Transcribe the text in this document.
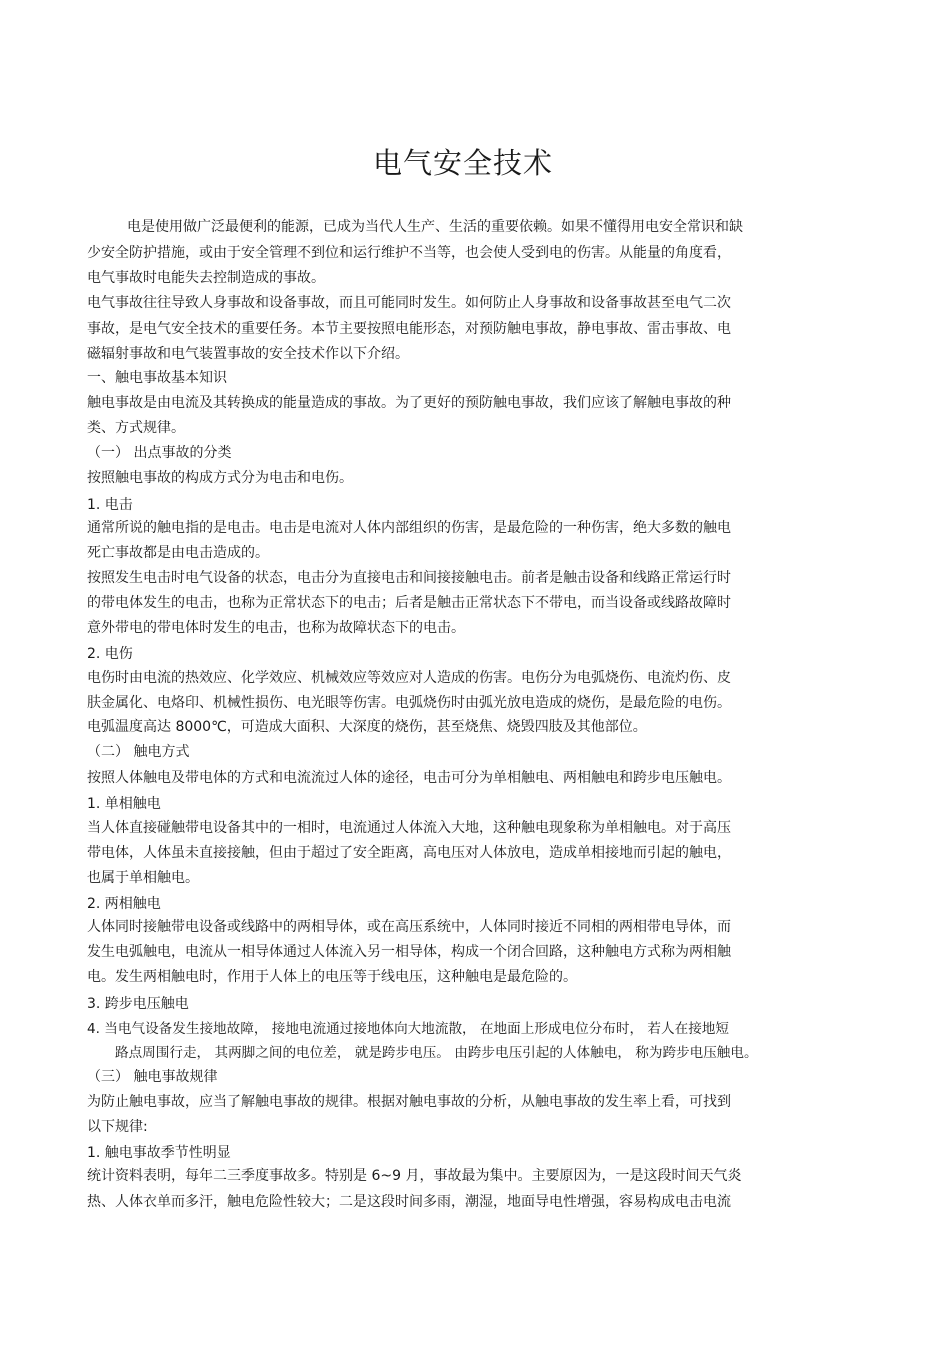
电气安全技术
电是使用做广泛最便利的能源，已成为当代人生产、生活的重要依赖。如果不懂得用电安全常识和缺
少安全防护措施，或由于安全管理不到位和运行维护不当等，也会使人受到电的伤害。从能量的角度看，
电气事故时电能失去控制造成的事故。
电气事故往往导致人身事故和设备事故，而且可能同时发生。如何防止人身事故和设备事故甚至电气二次
事故，是电气安全技术的重要任务。本节主要按照电能形态，对预防触电事故，静电事故、雷击事故、电
磁辐射事故和电气装置事故的安全技术作以下介绍。
一、触电事故基本知识
触电事故是由电流及其转换成的能量造成的事故。为了更好的预防触电事故，我们应该了解触电事故的种
类、方式规律。
（一） 出点事故的分类
按照触电事故的构成方式分为电击和电伤。
1. 电击
通常所说的触电指的是电击。电击是电流对人体内部组织的伤害，是最危险的一种伤害，绝大多数的触电
死亡事故都是由电击造成的。
按照发生电击时电气设备的状态，电击分为直接电击和间接接触电击。前者是触击设备和线路正常运行时
的带电体发生的电击，也称为正常状态下的电击；后者是触击正常状态下不带电，而当设备或线路故障时
意外带电的带电体时发生的电击，也称为故障状态下的电击。
2. 电伤
电伤时由电流的热效应、化学效应、机械效应等效应对人造成的伤害。电伤分为电弧烧伤、电流灼伤、皮
肤金属化、电烙印、机械性损伤、电光眼等伤害。电弧烧伤时由弧光放电造成的烧伤，是最危险的电伤。
电弧温度高达 8000℃，可造成大面积、大深度的烧伤，甚至烧焦、烧毁四肢及其他部位。
（二） 触电方式
按照人体触电及带电体的方式和电流流过人体的途径，电击可分为单相触电、两相触电和跨步电压触电。
1. 单相触电
当人体直接碰触带电设备其中的一相时，电流通过人体流入大地，这种触电现象称为单相触电。对于高压
带电体，人体虽未直接接触，但由于超过了安全距离，高电压对人体放电，造成单相接地而引起的触电，
也属于单相触电。
2. 两相触电
人体同时接触带电设备或线路中的两相导体，或在高压系统中，人体同时接近不同相的两相带电导体，而
发生电弧触电，电流从一相导体通过人体流入另一相导体，构成一个闭合回路，这种触电方式称为两相触
电。发生两相触电时，作用于人体上的电压等于线电压，这种触电是最危险的。
3. 跨步电压触电
4. 当电气设备发生接地故障， 接地电流通过接地体向大地流散， 在地面上形成电位分布时， 若人在接地短
路点周围行走， 其两脚之间的电位差， 就是跨步电压。 由跨步电压引起的人体触电， 称为跨步电压触电。
（三） 触电事故规律
为防止触电事故，应当了解触电事故的规律。根据对触电事故的分析，从触电事故的发生率上看，可找到
以下规律:
1. 触电事故季节性明显
统计资料表明，每年二三季度事故多。特别是 6~9 月，事故最为集中。主要原因为，一是这段时间天气炎
热、人体衣单而多汗，触电危险性较大；二是这段时间多雨，潮湿，地面导电性增强，容易构成电击电流
